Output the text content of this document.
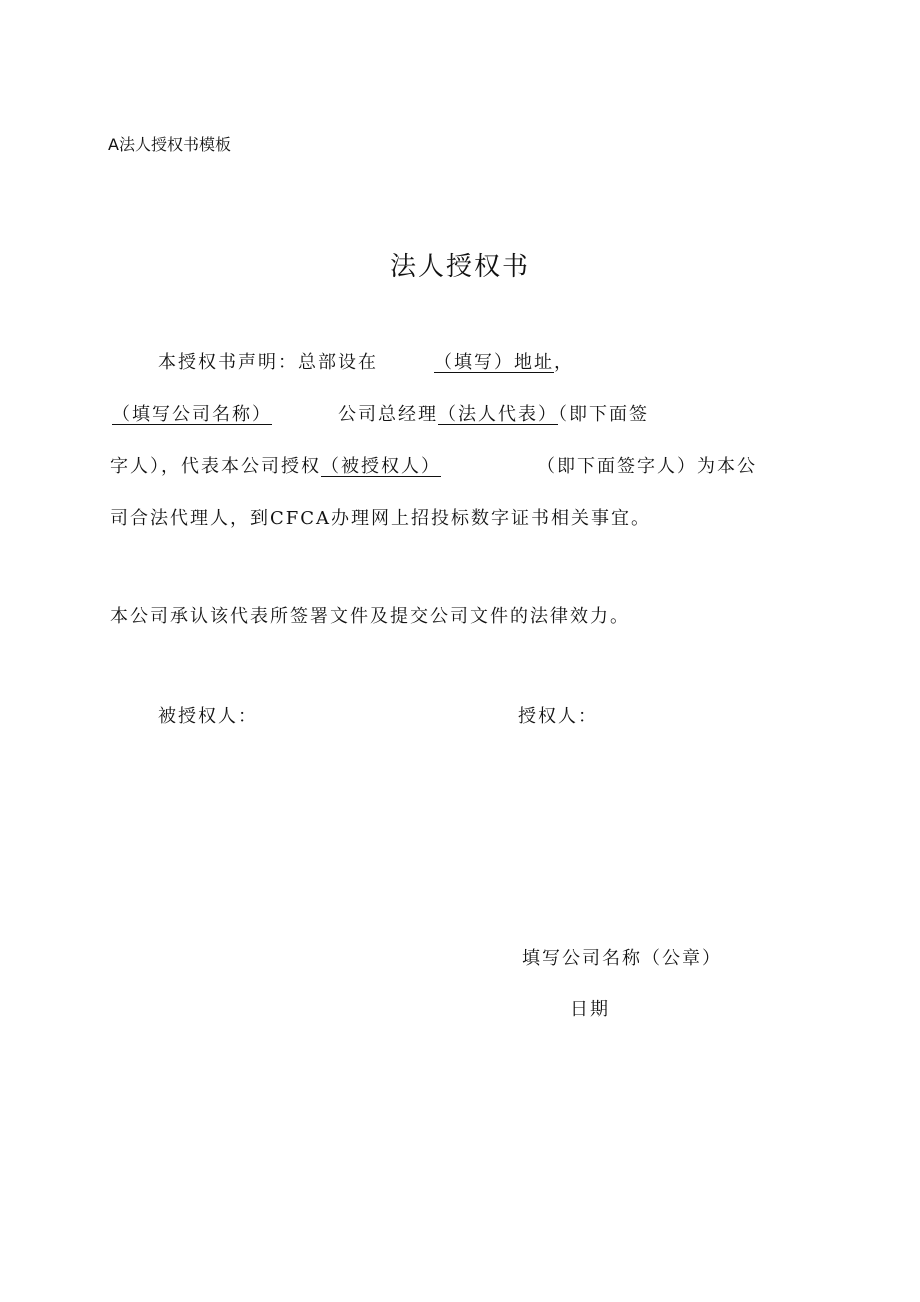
A法人授权书模板
法人授权书
本授权书声明：总部设在	（填写）地址，
（填写公司名称）	公司总经理（法人代表）（即下面签
字人），代表本公司授权（被授权人）	（即下面签字人）为本公
司合法代理人，到CFCA办理网上招投标数字证书相关事宜。
本公司承认该代表所签署文件及提交公司文件的法律效力。
被授权人：	授权人：
填写公司名称（公章）
日期
